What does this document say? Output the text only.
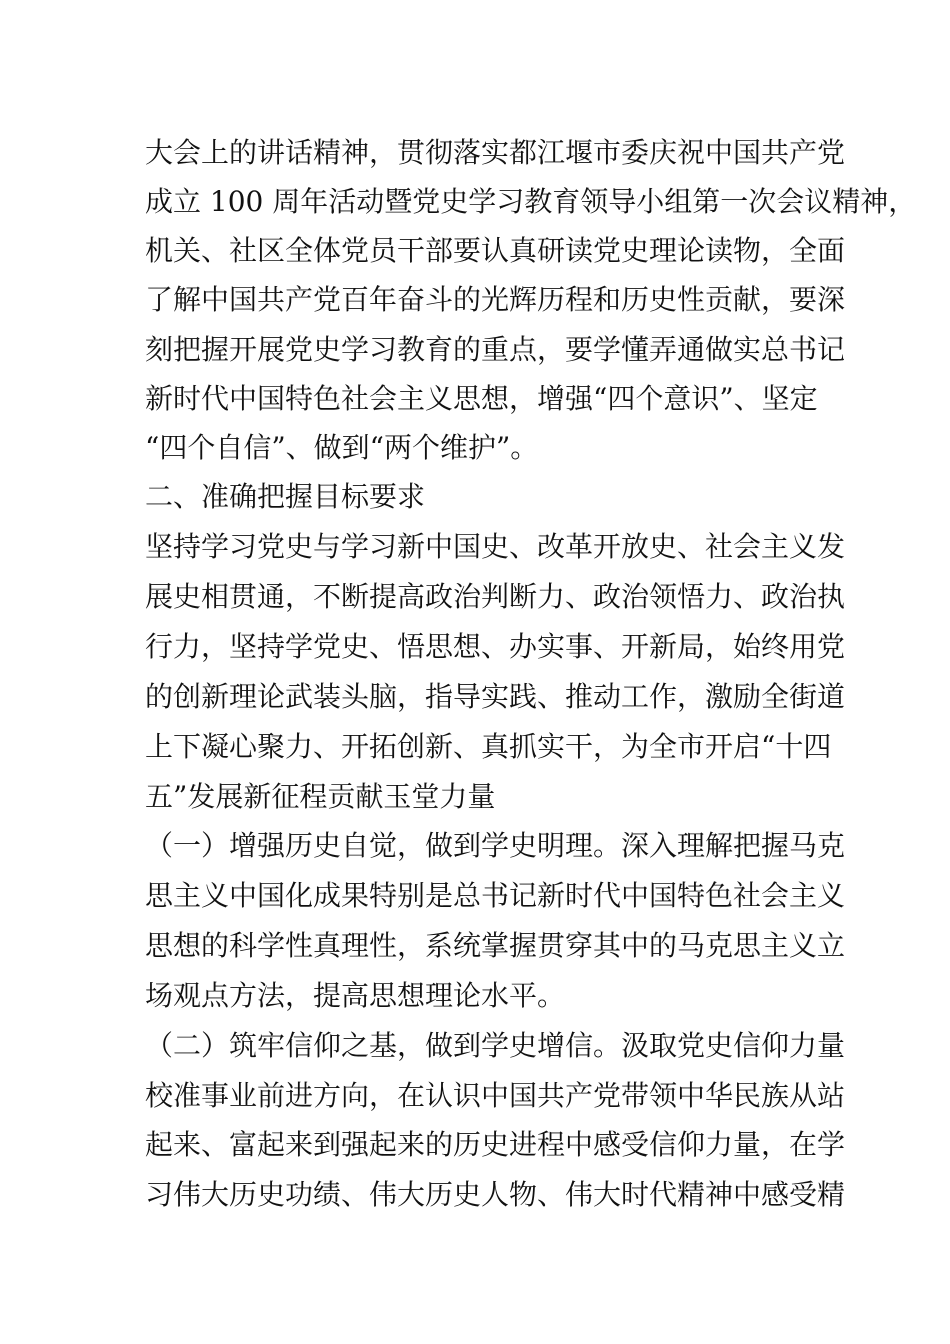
大会上的讲话精神，贯彻落实都江堰市委庆祝中国共产党
成立 100 周年活动暨党史学习教育领导小组第一次会议精神，
机关、社区全体党员干部要认真研读党史理论读物，全面
了解中国共产党百年奋斗的光辉历程和历史性贡献，要深
刻把握开展党史学习教育的重点，要学懂弄通做实总书记
新时代中国特色社会主义思想，增强“四个意识”、坚定
“四个自信”、做到“两个维护”。
二、准确把握目标要求
坚持学习党史与学习新中国史、改革开放史、社会主义发
展史相贯通，不断提高政治判断力、政治领悟力、政治执
行力，坚持学党史、悟思想、办实事、开新局，始终用党
的创新理论武装头脑，指导实践、推动工作，激励全街道
上下凝心聚力、开拓创新、真抓实干，为全市开启“十四
五”发展新征程贡献玉堂力量
（一）增强历史自觉，做到学史明理。深入理解把握马克
思主义中国化成果特别是总书记新时代中国特色社会主义
思想的科学性真理性，系统掌握贯穿其中的马克思主义立
场观点方法，提高思想理论水平。
（二）筑牢信仰之基，做到学史增信。汲取党史信仰力量
校准事业前进方向，在认识中国共产党带领中华民族从站
起来、富起来到强起来的历史进程中感受信仰力量，在学
习伟大历史功绩、伟大历史人物、伟大时代精神中感受精
